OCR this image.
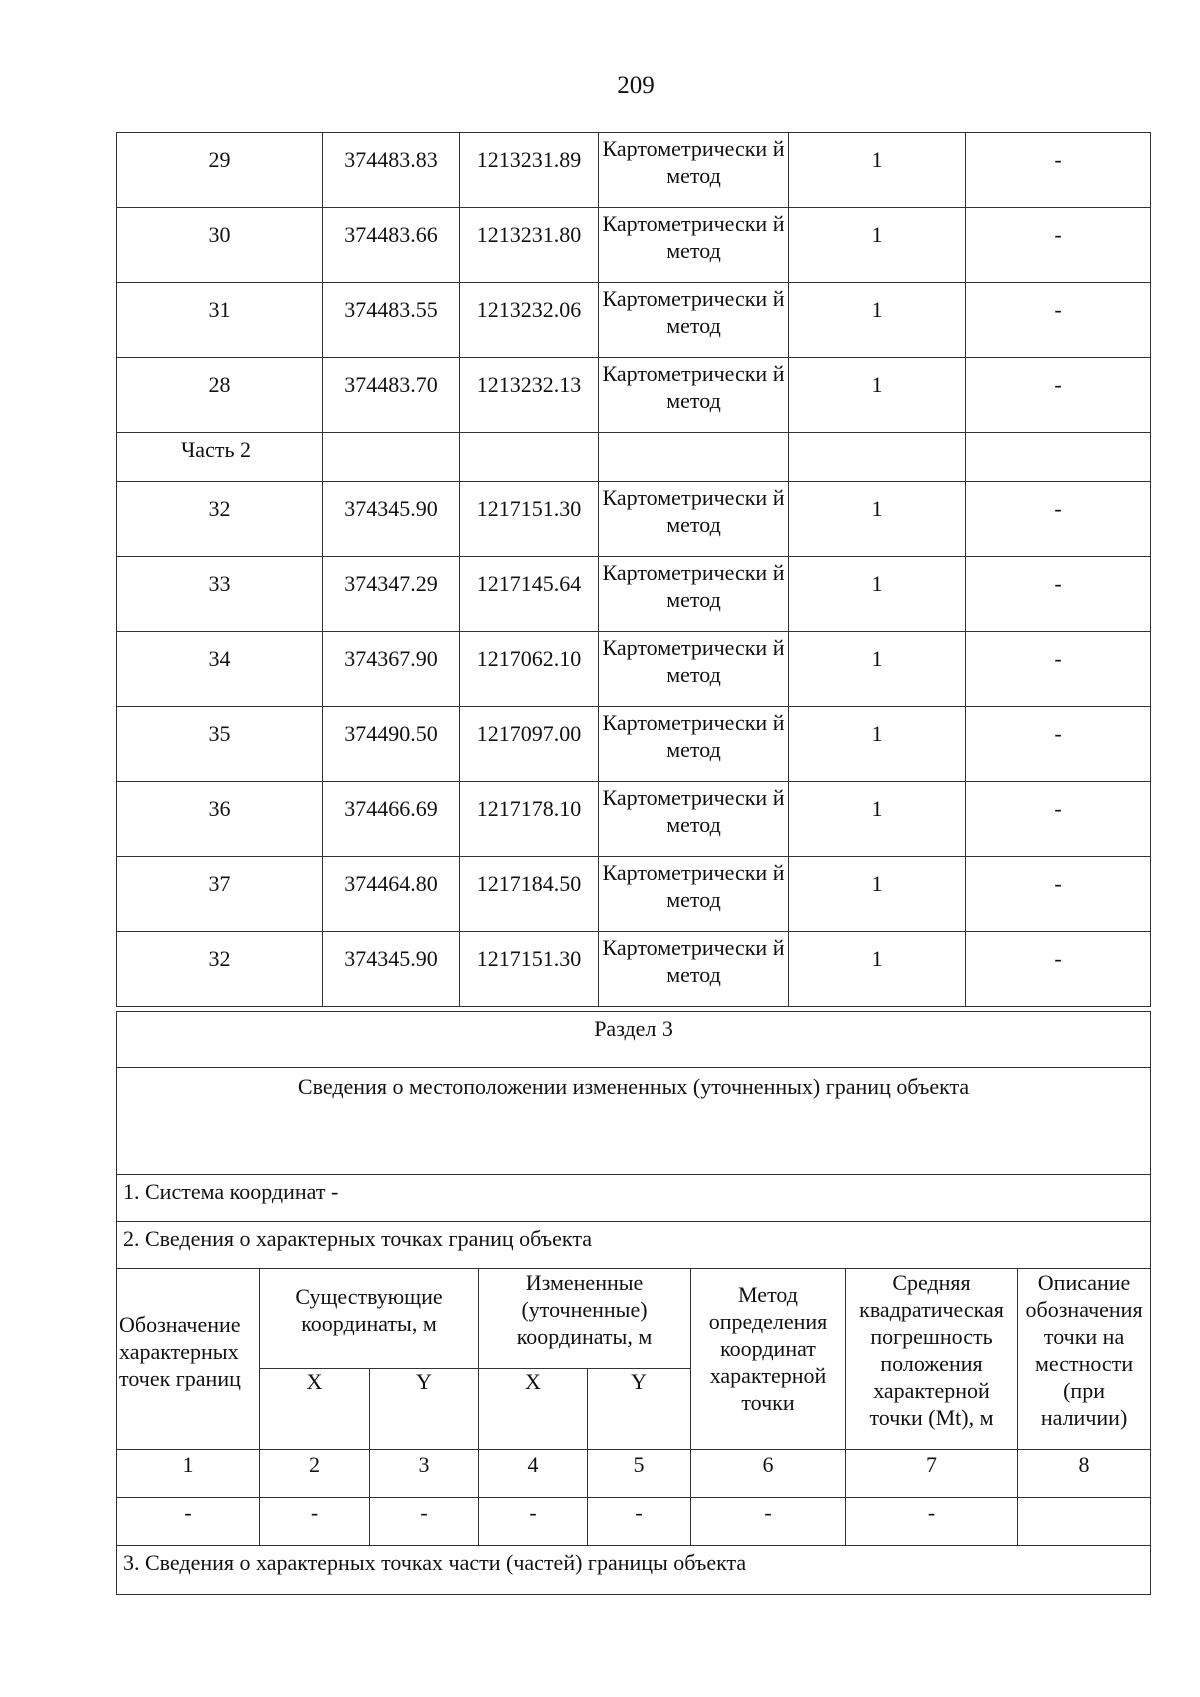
209
29	374483.83	1213231.89	Картометрически й метод	1	-
30	374483.66	1213231.80	Картометрически й метод	1	-
31	374483.55	1213232.06	Картометрически й метод	1	-
28	374483.70	1213232.13	Картометрически й метод	1	-
Часть 2					
32	374345.90	1217151.30	Картометрически й метод	1	-
33	374347.29	1217145.64	Картометрически й метод	1	-
34	374367.90	1217062.10	Картометрически й метод	1	-
35	374490.50	1217097.00	Картометрически й метод	1	-
36	374466.69	1217178.10	Картометрически й метод	1	-
37	374464.80	1217184.50	Картометрически й метод	1	-
32	374345.90	1217151.30	Картометрически й метод	1	-
Раздел 3							
Сведения о местоположении измененных (уточненных) границ объекта							
1. Система координат -							
2. Сведения о характерных точках границ объекта							
Обозначение характерных точек границ	Существующие координаты, м		Измененные (уточненные) координаты, м		Метод определения координат характерной точки	Средняя квадратическая погрешность положения характерной точки (Mt), м	Описание обозначения точки на местности (при наличии)
	X	Y	X	Y			
1	2	3	4	5	6	7	8
-	-	-	-	-	-	-	
3. Сведения о характерных точках части (частей) границы объекта							
